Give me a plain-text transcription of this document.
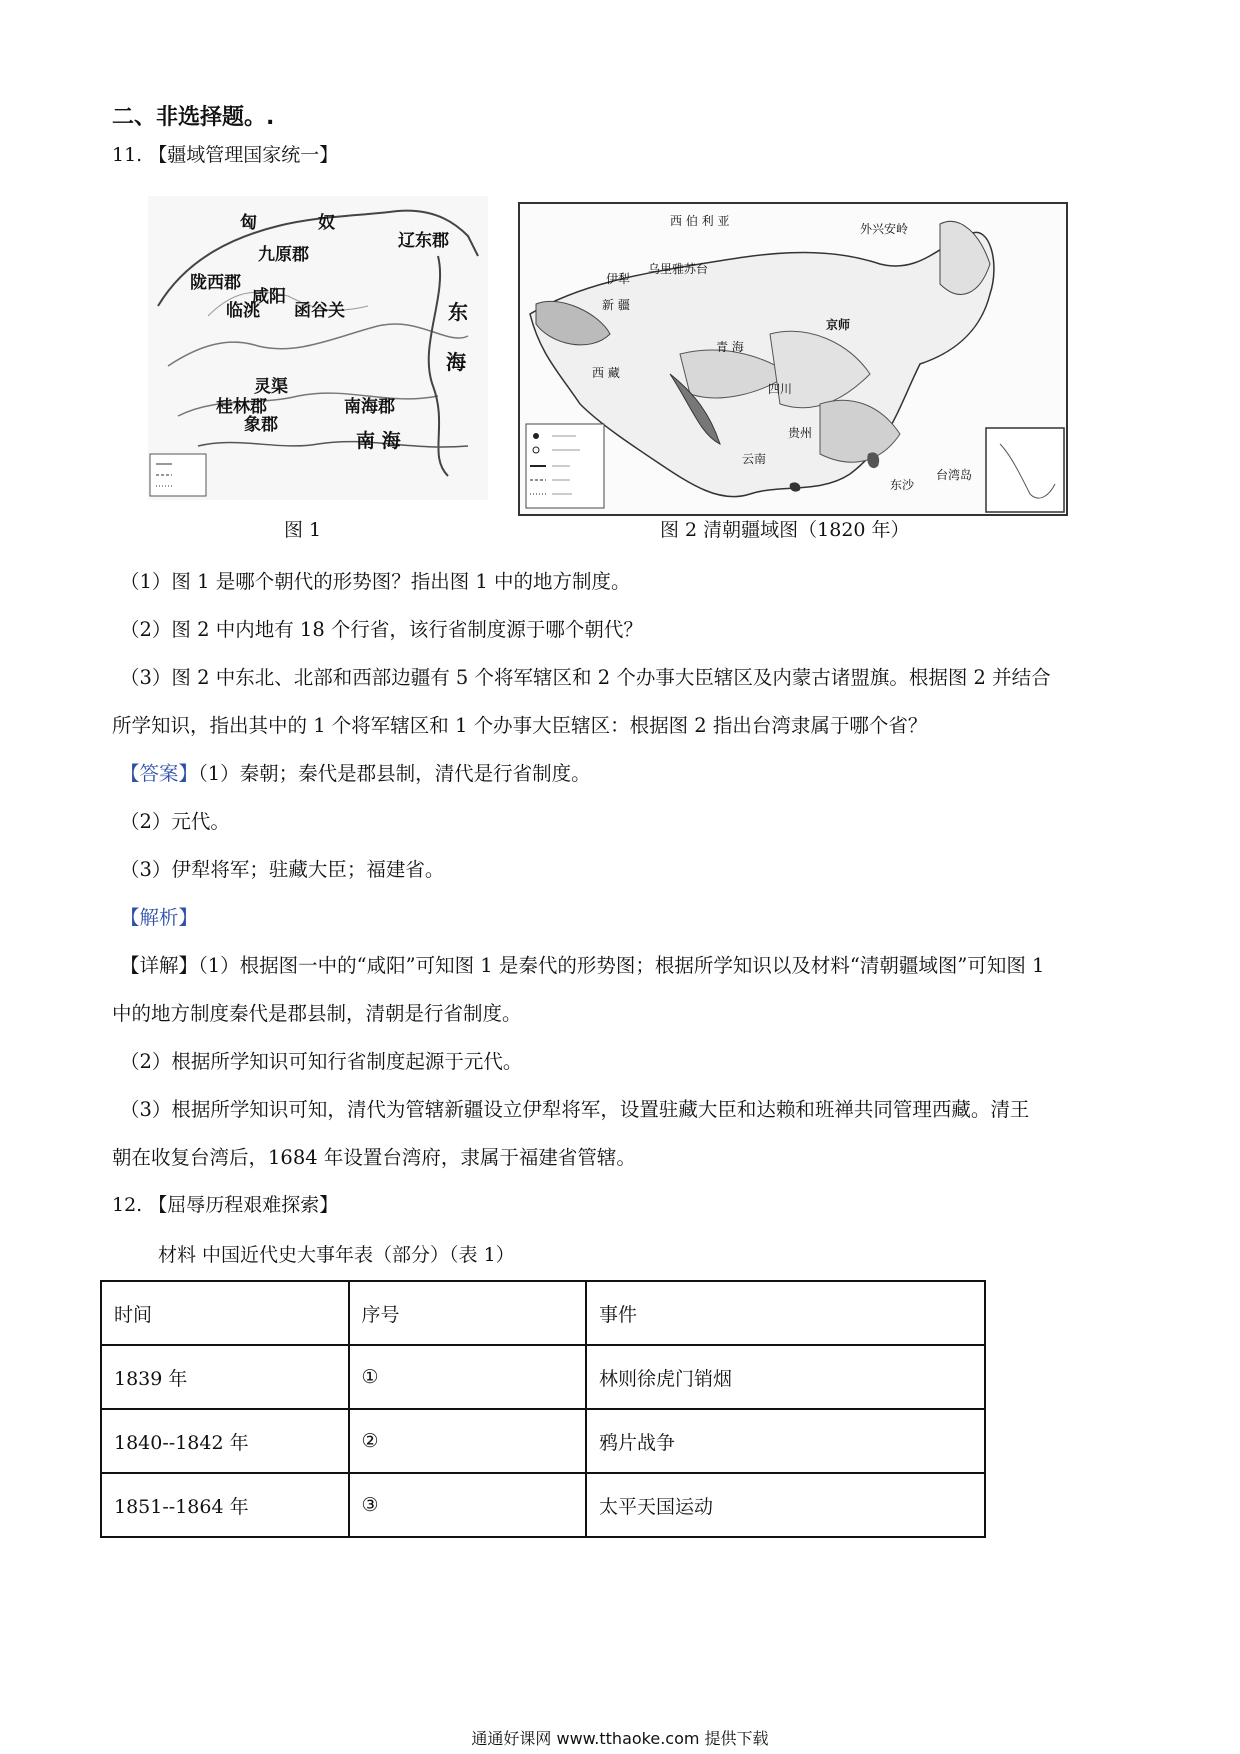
二、非选择题。.
11. 【疆域管理国家统一】
匈	奴
九原郡
辽东郡
陇西郡
咸阳
临洮 函谷关	东
海
灵渠
桂林郡	南海郡
象郡
南 海
图 1
西 伯 利 亚
外兴安岭
乌里雅苏台
伊犁
新 疆
京师
青 海
西 藏
四川
贵州
云南
台湾岛
东沙
图 2 清朝疆域图（1820 年）
（1）图 1 是哪个朝代的形势图？指出图 1 中的地方制度。
（2）图 2 中内地有 18 个行省，该行省制度源于哪个朝代？
（3）图 2 中东北、北部和西部边疆有 5 个将军辖区和 2 个办事大臣辖区及内蒙古诸盟旗。根据图 2 并结合
所学知识，指出其中的 1 个将军辖区和 1 个办事大臣辖区：根据图 2 指出台湾隶属于哪个省？
【答案】（1）秦朝；秦代是郡县制，清代是行省制度。
（2）元代。
（3）伊犁将军；驻藏大臣；福建省。
【解析】
【详解】（1）根据图一中的“咸阳”可知图 1 是秦代的形势图；根据所学知识以及材料“清朝疆域图”可知图 1
中的地方制度秦代是郡县制，清朝是行省制度。
（2）根据所学知识可知行省制度起源于元代。
（3）根据所学知识可知，清代为管辖新疆设立伊犁将军，设置驻藏大臣和达赖和班禅共同管理西藏。清王
朝在收复台湾后，1684 年设置台湾府，隶属于福建省管辖。
12. 【屈辱历程艰难探索】
材料 中国近代史大事年表（部分）（表 1）
时间	序号	事件
1839 年	①	林则徐虎门销烟
1840--1842 年	②	鸦片战争
1851--1864 年	③	太平天国运动
通通好课网 www.tthaoke.com 提供下载
